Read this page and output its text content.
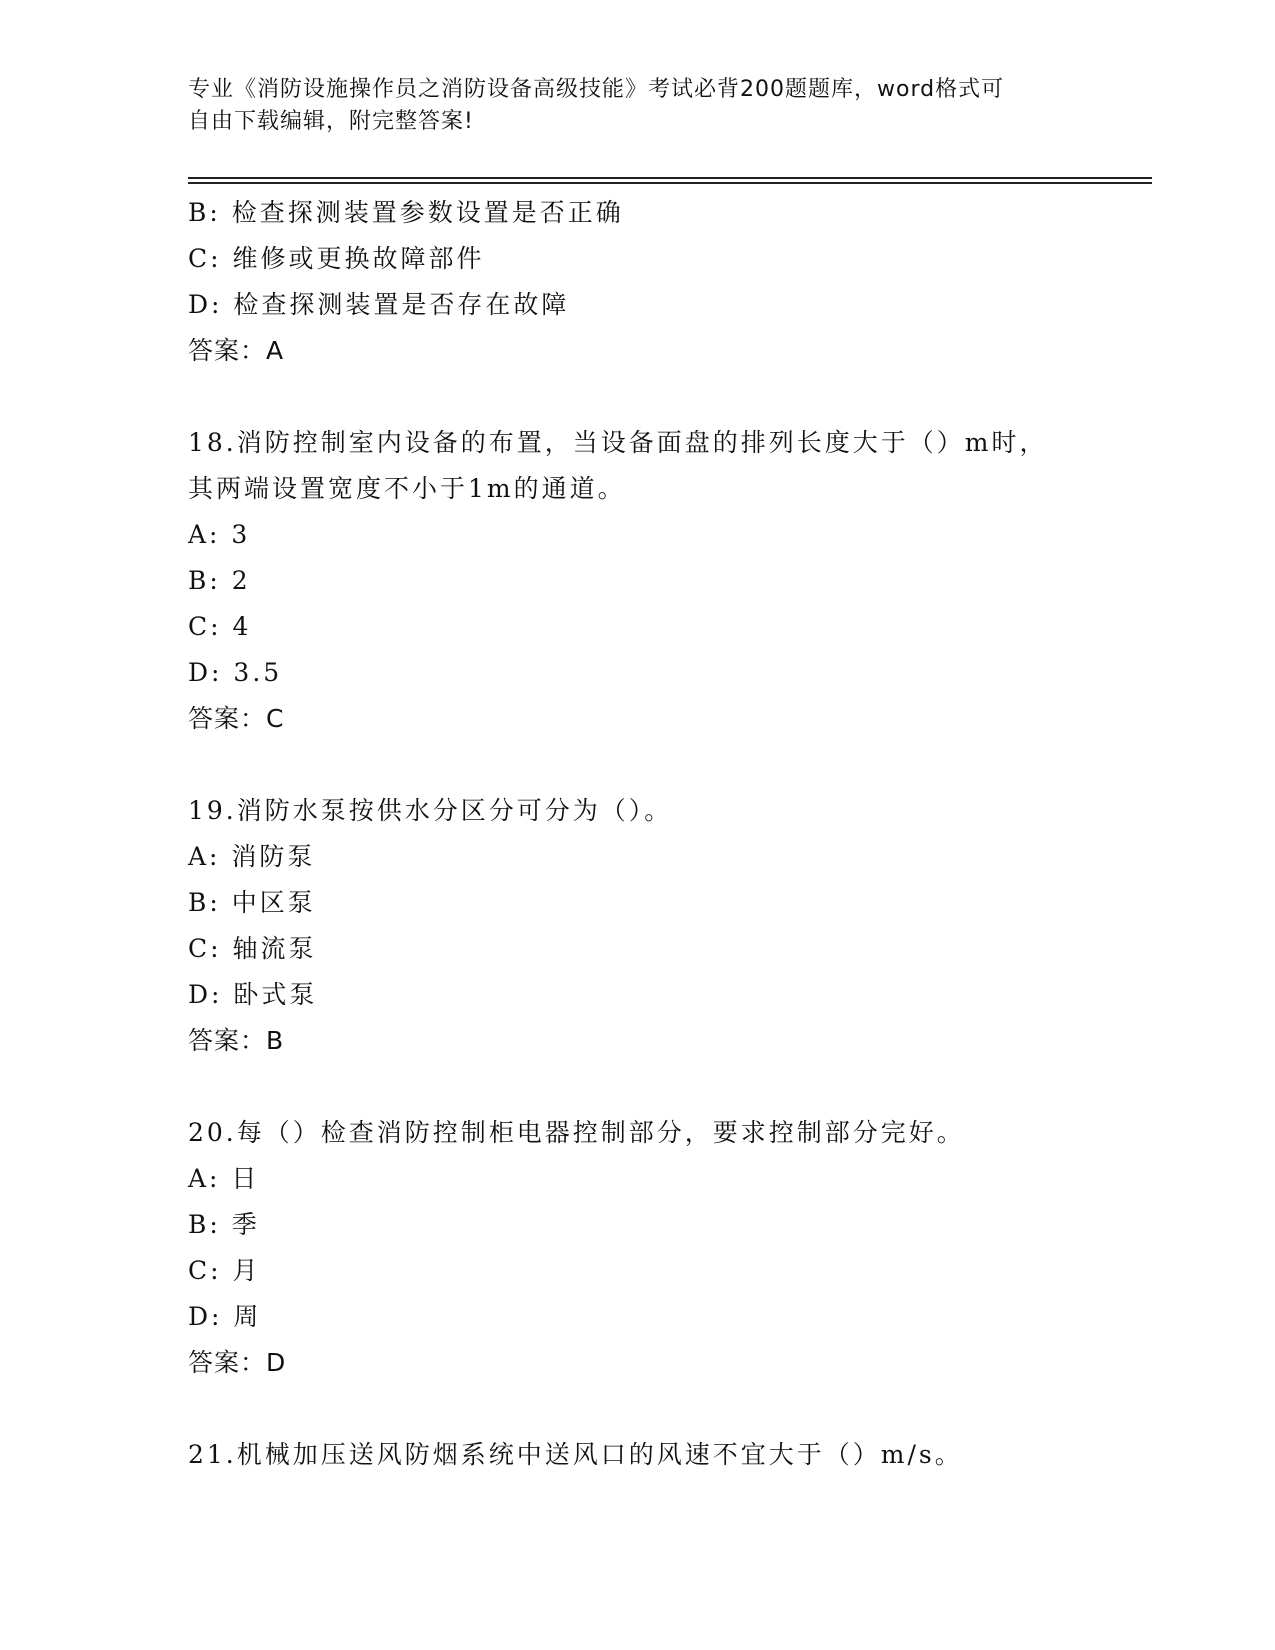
专业《消防设施操作员之消防设备高级技能》考试必背200题题库，word格式可
自由下载编辑，附完整答案!
B: 检查探测装置参数设置是否正确
C: 维修或更换故障部件
D: 检查探测装置是否存在故障
答案：A
18.消防控制室内设备的布置，当设备面盘的排列长度大于（）m时，
其两端设置宽度不小于1m的通道。
A: 3
B: 2
C: 4
D: 3.5
答案：C
19.消防水泵按供水分区分可分为（）。
A: 消防泵
B: 中区泵
C: 轴流泵
D: 卧式泵
答案：B
20.每（）检查消防控制柜电器控制部分，要求控制部分完好。
A: 日
B: 季
C: 月
D: 周
答案：D
21.机械加压送风防烟系统中送风口的风速不宜大于（）m/s。
